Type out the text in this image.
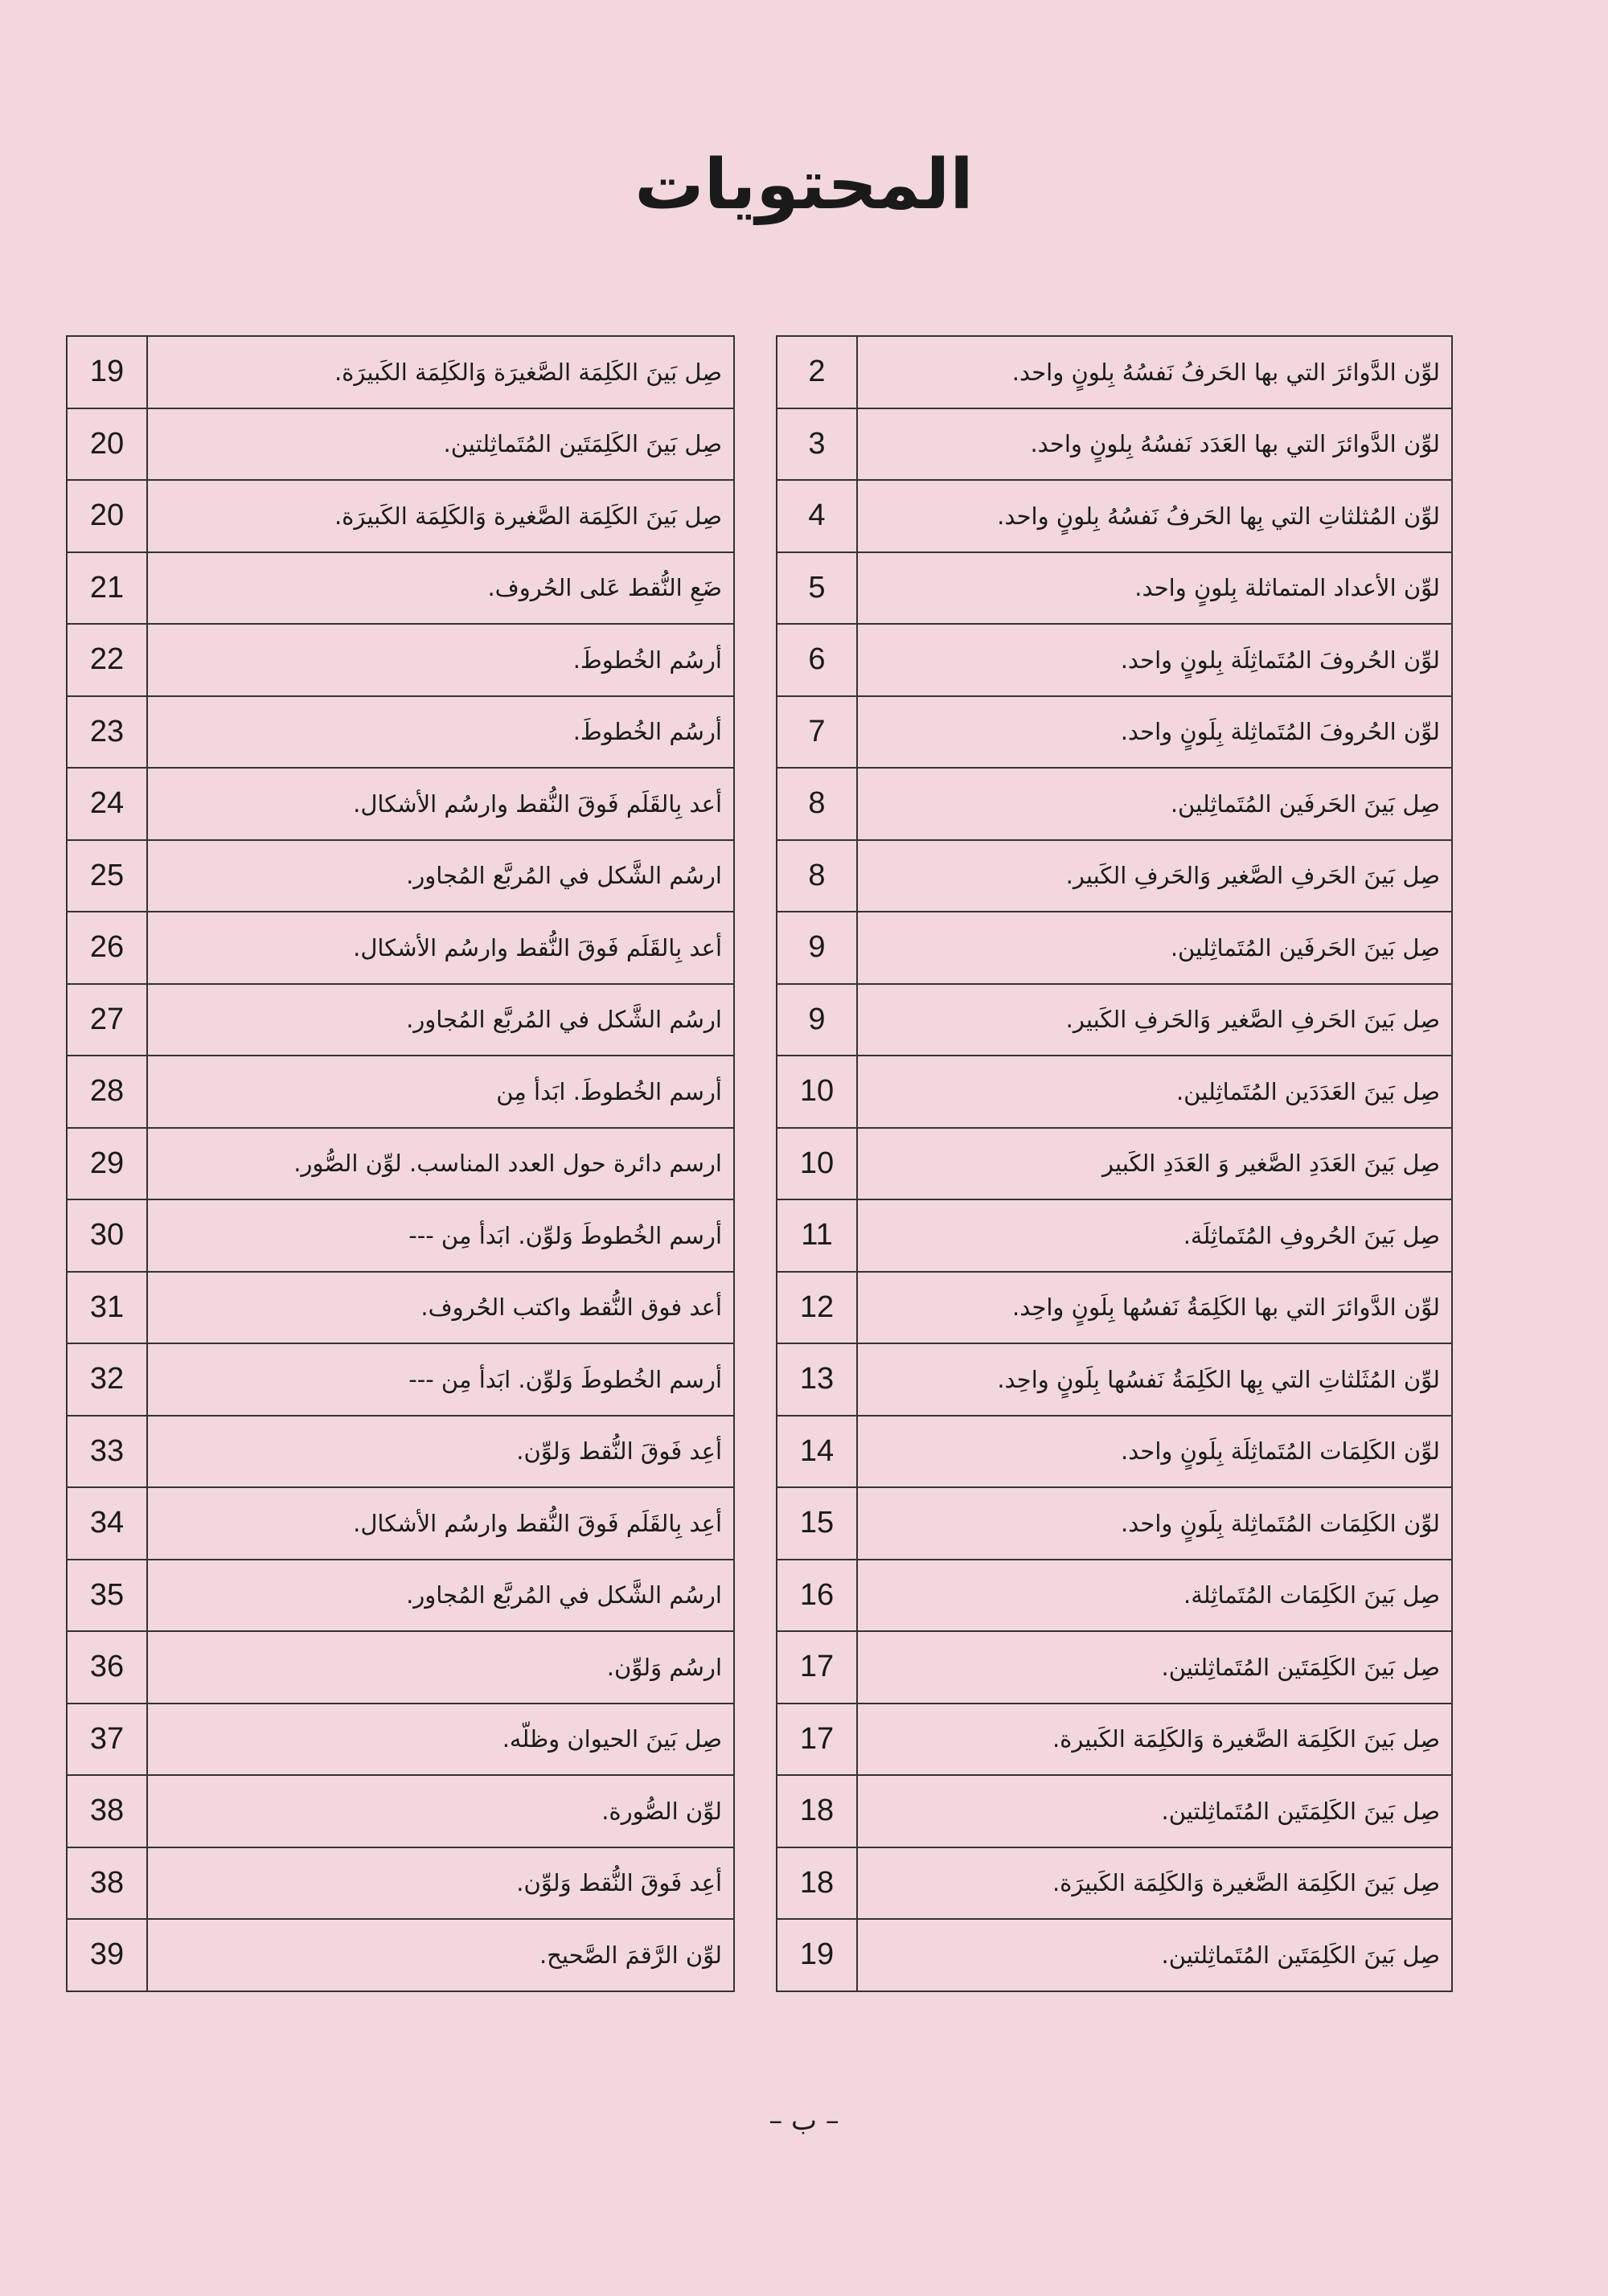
المحتويات
لوِّن الدَّوائرَ التي بها الحَرفُ نَفسُهُ بِلونٍ واحد.	2
لوِّن الدَّوائرَ التي بها العَدَد نَفسُهُ بِلونٍ واحد.	3
لوِّن المُثلثاتِ التي بِها الحَرفُ نَفسُهُ بِلونٍ واحد.	4
لوِّن الأعداد المتماثلة بِلونٍ واحد.	5
لوِّن الحُروفَ المُتَماثِلَة بِلونٍ واحد.	6
لوِّن الحُروفَ المُتَماثِلة بِلَونٍ واحد.	7
صِل بَينَ الحَرفَين المُتَماثِلين.	8
صِل بَينَ الحَرفِ الصَّغير وَالحَرفِ الكَبير.	8
صِل بَينَ الحَرفَين المُتَماثِلين.	9
صِل بَينَ الحَرفِ الصَّغير وَالحَرفِ الكَبير.	9
صِل بَينَ العَدَدَين المُتَماثِلين.	10
صِل بَينَ العَدَدِ الصَّغير وَ العَدَدِ الكَبير	10
صِل بَينَ الحُروفِ المُتَماثِلَة.	11
لوِّن الدَّوائرَ التي بها الكَلِمَةُ نَفسُها بِلَونٍ واحِد.	12
لوِّن المُثَلثاتِ التي بِها الكَلِمَةُ نَفسُها بِلَونٍ واحِد.	13
لوِّن الكَلِمَات المُتَماثِلَة بِلَونٍ واحد.	14
لوِّن الكَلِمَات المُتَماثِلة بِلَونٍ واحد.	15
صِل بَينَ الكَلِمَات المُتَماثِلة.	16
صِل بَينَ الكَلِمَتَين المُتَماثِلتين.	17
صِل بَينَ الكَلِمَة الصَّغيرة وَالكَلِمَة الكَبيرة.	17
صِل بَينَ الكَلِمَتَين المُتَماثِلتين.	18
صِل بَينَ الكَلِمَة الصَّغيرة وَالكَلِمَة الكَبيرَة.	18
صِل بَينَ الكَلِمَتَين المُتَماثِلتين.	19
صِل بَينَ الكَلِمَة الصَّغيرَة وَالكَلِمَة الكَبيرَة.	19
صِل بَينَ الكَلِمَتَين المُتَماثِلتين.	20
صِل بَينَ الكَلِمَة الصَّغيرة وَالكَلِمَة الكَبيرَة.	20
ضَعِ النُّقط عَلى الحُروف.	21
أرسُم الخُطوطَ.	22
أرسُم الخُطوطَ.	23
أعد بِالقَلَم فَوقَ النُّقط وارسُم الأشكال.	24
ارسُم الشَّكل في المُربَّع المُجاور.	25
أعد بِالقَلَم فَوقَ النُّقط وارسُم الأشكال.	26
ارسُم الشَّكل في المُربَّع المُجاور.	27
أرسم الخُطوطَ. ابَدأ مِن	28
ارسم دائرة حول العدد المناسب. لوِّن الصُّور.	29
أرسم الخُطوطَ وَلوِّن. ابَدأ مِن ---	30
أعد فوق النُّقط واكتب الحُروف.	31
أرسم الخُطوطَ وَلوِّن. ابَدأ مِن ---	32
أعِد فَوقَ النُّقط وَلوِّن.	33
أعِد بِالقَلَم فَوقَ النُّقط وارسُم الأشكال.	34
ارسُم الشَّكل في المُربَّع المُجاور.	35
ارسُم وَلوِّن.	36
صِل بَينَ الحيوان وظلّه.	37
لوِّن الصُّورة.	38
أعِد فَوقَ النُّقط وَلوِّن.	38
لوِّن الرَّقمَ الصَّحيح.	39
– ب –
